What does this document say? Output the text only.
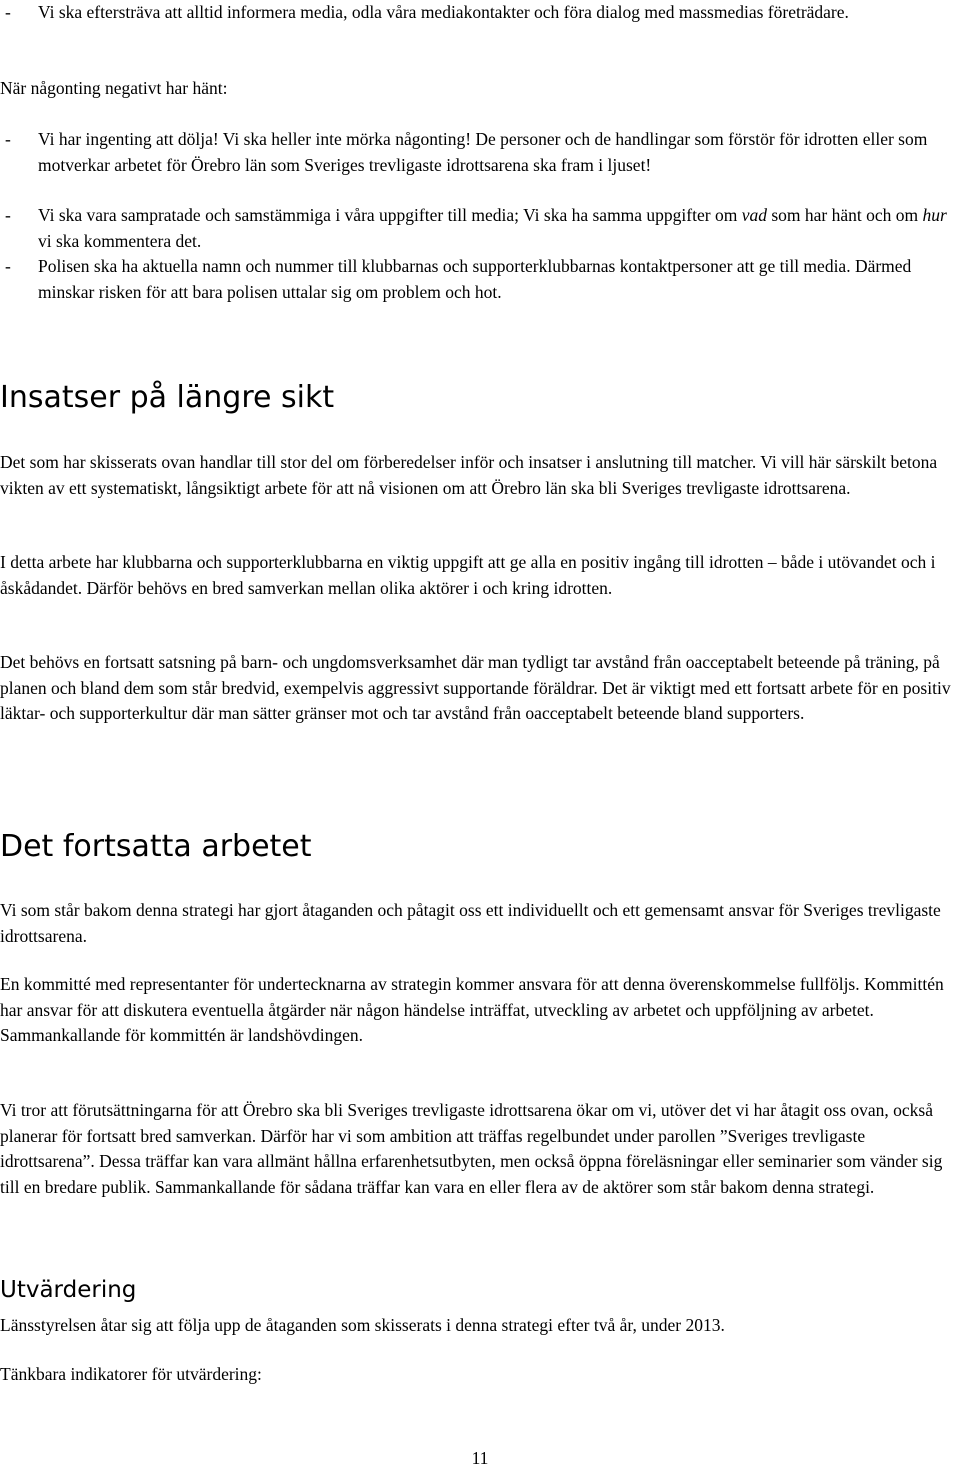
- Vi ska eftersträva att alltid informera media, odla våra mediakontakter och föra dialog med massmedias företrädare.

När någonting negativt har hänt:

- Vi har ingenting att dölja! Vi ska heller inte mörka någonting! De personer och de handlingar som förstör för idrotten eller som motverkar arbetet för Örebro län som Sveriges trevligaste idrottsarena ska fram i ljuset!
- Vi ska vara sampratade och samstämmiga i våra uppgifter till media; Vi ska ha samma uppgifter om vad som har hänt och om hur vi ska kommentera det.
- Polisen ska ha aktuella namn och nummer till klubbarnas och supporterklubbarnas kontaktpersoner att ge till media. Därmed minskar risken för att bara polisen uttalar sig om problem och hot.
Insatser på längre sikt

Det som har skisserats ovan handlar till stor del om förberedelser inför och insatser i anslutning till matcher. Vi vill här särskilt betona vikten av ett systematiskt, långsiktigt arbete för att nå visionen om att Örebro län ska bli Sveriges trevligaste idrottsarena.

I detta arbete har klubbarna och supporterklubbarna en viktig uppgift att ge alla en positiv ingång till idrotten – både i utövandet och i åskådandet. Därför behövs en bred samverkan mellan olika aktörer i och kring idrotten.

Det behövs en fortsatt satsning på barn- och ungdomsverksamhet där man tydligt tar avstånd från oacceptabelt beteende på träning, på planen och bland dem som står bredvid, exempelvis aggressivt supportande föräldrar. Det är viktigt med ett fortsatt arbete för en positiv läktar- och supporterkultur där man sätter gränser mot och tar avstånd från oacceptabelt beteende bland supporters.

Det fortsatta arbetet

Vi som står bakom denna strategi har gjort åtaganden och påtagit oss ett individuellt och ett gemensamt ansvar för Sveriges trevligaste idrottsarena.

En kommitté med representanter för undertecknarna av strategin kommer ansvara för att denna överenskommelse fullföljs. Kommittén har ansvar för att diskutera eventuella åtgärder när någon händelse inträffat, utveckling av arbetet och uppföljning av arbetet. Sammankallande för kommittén är landshövdingen.

Vi tror att förutsättningarna för att Örebro ska bli Sveriges trevligaste idrottsarena ökar om vi, utöver det vi har åtagit oss ovan, också planerar för fortsatt bred samverkan. Därför har vi som ambition att träffas regelbundet under parollen ”Sveriges trevligaste idrottsarena”. Dessa träffar kan vara allmänt hållna erfarenhetsutbyten, men också öppna föreläsningar eller seminarier som vänder sig till en bredare publik. Sammankallande för sådana träffar kan vara en eller flera av de aktörer som står bakom denna strategi.

Utvärdering

Länsstyrelsen åtar sig att följa upp de åtaganden som skisserats i denna strategi efter två år, under 2013.

Tänkbara indikatorer för utvärdering:

11
